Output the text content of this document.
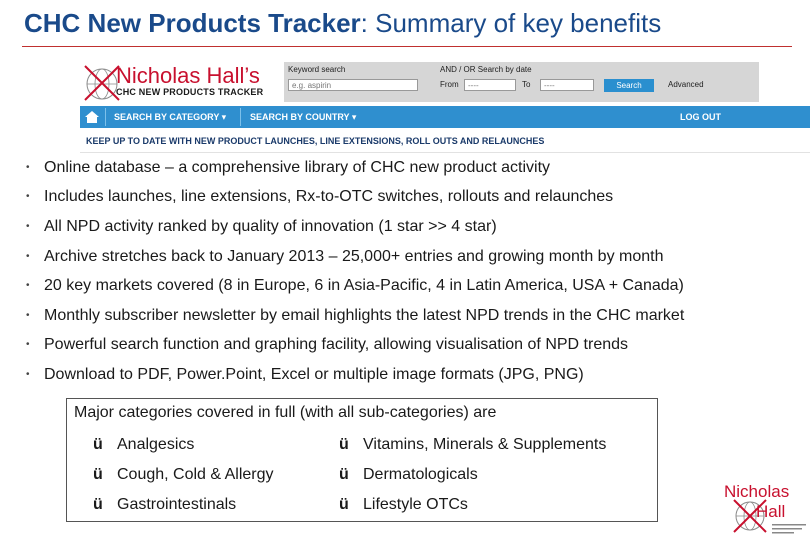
CHC New Products Tracker: Summary of key benefits
Nicholas Hall’s
CHC NEW PRODUCTS TRACKER
Keyword search
e.g. aspirin
AND / OR Search by date
From	----	To	----	Search	Advanced
SEARCH BY CATEGORY ▾	SEARCH BY COUNTRY ▾	LOG OUT
KEEP UP TO DATE WITH NEW PRODUCT LAUNCHES, LINE EXTENSIONS, ROLL OUTS AND RELAUNCHES
• Online database – a comprehensive library of CHC new product activity
• Includes launches, line extensions, Rx-to-OTC switches, rollouts and relaunches
• All NPD activity ranked by quality of innovation (1 star >> 4 star)
• Archive stretches back to January 2013 – 25,000+ entries and growing month by month
• 20 key markets covered (8 in Europe, 6 in Asia-Pacific, 4 in Latin America, USA + Canada)
• Monthly subscriber newsletter by email highlights the latest NPD trends in the CHC market
• Powerful search function and graphing facility, allowing visualisation of NPD trends
• Download to PDF, Power.Point, Excel or multiple image formats (JPG, PNG)
Major categories covered in full (with all sub-categories) are
ü Analgesics
ü Cough, Cold & Allergy
ü Gastrointestinals
ü Vitamins, Minerals & Supplements
ü Dermatologicals
ü Lifestyle OTCs
Nicholas
Hall
